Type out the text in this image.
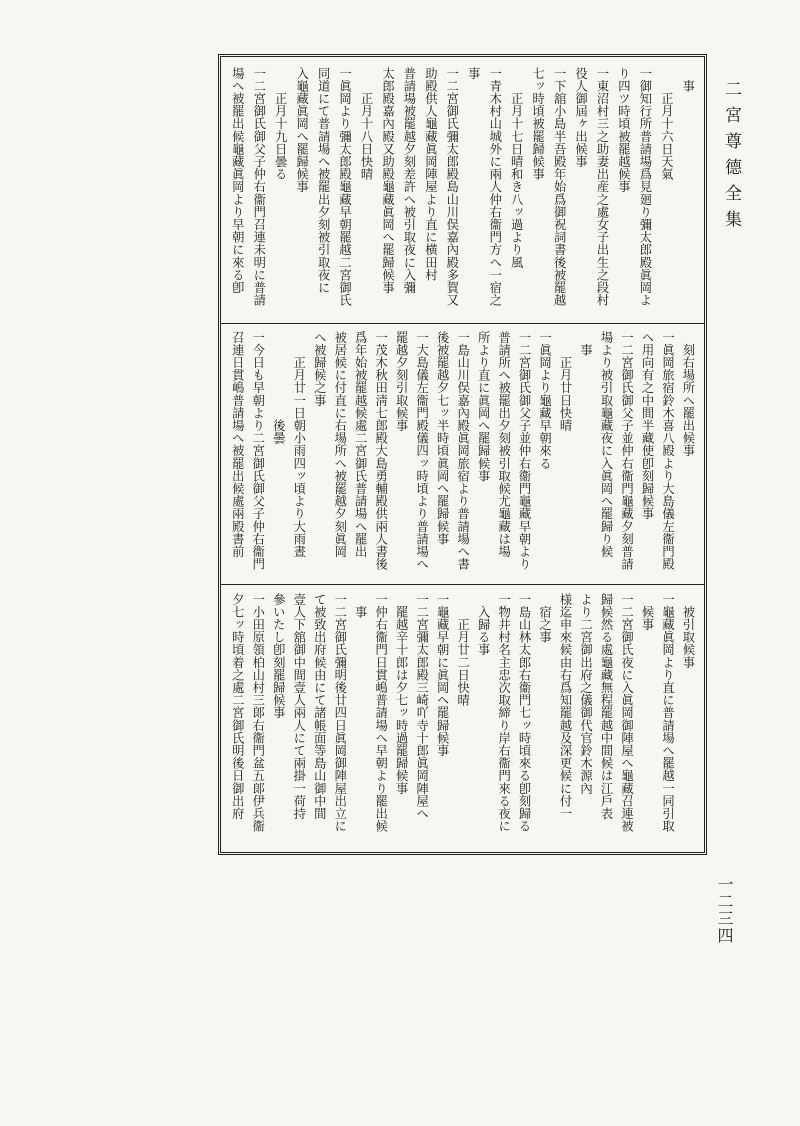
二宮尊德全集
一二三四
　事
　　正月十六日天氣
一御知行所普請場爲見廻り彌太郎殿眞岡よ
り四ツ時頃被罷越候事
一東沼村三之助妻出産之處女子出生之段村
役人御屆ヶ出候事
一下舘小島半吾殿年始爲御祝詞書後被罷越
七ッ時頃被罷歸候事
　　正月十七日晴和き八ッ過より風
一青木村山城外に兩人仲右衞門方へ一宿之
事
一二宮御氏彌太郎殿島山川俣嘉內殿多賀又
助殿供人龜藏眞岡陣屋より直に横田村
普請場被罷越夕刻差許へ被引取夜に入彌
太郎殿嘉內殿又助殿龜藏眞岡へ罷歸候事
　　正月十八日快晴
一眞岡より彌太郎殿龜藏早朝罷越二宮御氏
同道にて普請場へ被罷出夕刻被引取夜に
入龜藏眞岡へ罷歸候事
　　正月十九日曇る
一二宮御氏御父子仲右衞門召連未明に普請
場へ被罷出候龜藏眞岡より早朝に來る卽
　刻右場所へ罷出候事
一眞岡旅宿鈴木喜八殿より大島儀左衞門殿
へ用向有之中間半藏使卽刻歸候事
一二宮御氏御父子並仲右衞門龜藏夕刻普請
場より被引取龜藏夜に入眞岡へ罷歸り候
　事
　　正月廿日快晴
一眞岡より龜藏早朝來る
一二宮御氏御父子並仲右衞門龜藏早朝より
普請所へ被罷出夕刻被引取候尤龜藏は場
所より直に眞岡へ罷歸候事
一島山川俣嘉內殿眞岡旅宿より普請場へ書
後被罷越夕七ッ半時頃眞岡へ罷歸候事
一大島儀左衞門殿儀四ッ時頃より普請場へ
罷越夕刻引取候事
一茂木秋田淸七郎殿大島勇輔殿供兩人書後
爲年始被罷越候處二宮御氏普請場へ罷出
被居候に付直に右場所へ被罷越夕刻眞岡
へ被歸候之事
　　正月廿一日朝小雨四ッ頃より大雨晝
　　　　　　　後曇
一今日も早朝より二宮御氏御父子仲右衞門
召連日貫嶋普請場へ被罷出候處兩殿書前
　被引取候事
一龜藏眞岡より直に普請場へ罷越一同引取
　候事
一二宮御氏夜に入眞岡御陣屋へ龜藏召連被
歸候然る處龜藏無程罷越中間候は江戶表
より二宮御出府之儀御代官鈴木源內
様迄申來候由右爲知罷越及深更候に付一
　宿之事
一島山林太郎右衞門七ッ時頃來る卽刻歸る
一物井村名主忠次取締り岸右衞門來る夜に
　入歸る事
　　正月廿二日快晴
一龜藏早朝に眞岡へ罷歸候事
一二宮彌太郎殿三崎吖寺十郎眞岡陣屋へ
　罷越辛十郎は夕七ッ時過罷歸候事
一仲右衞門日貫嶋普請場へ早朝より罷出候
　事
一二宮御氏彌明後廿四日眞岡御陣屋出立に
て被致出府候由にて諸帳面等島山御中間
壹人下舘御中間壹人兩人にて兩掛一荷持
參いたし卽刻罷歸候事
一小田原領柏山村三郞右衞門盆五郞伊兵衞
夕七ッ時頃着之處二宮御氏明後日御出府
